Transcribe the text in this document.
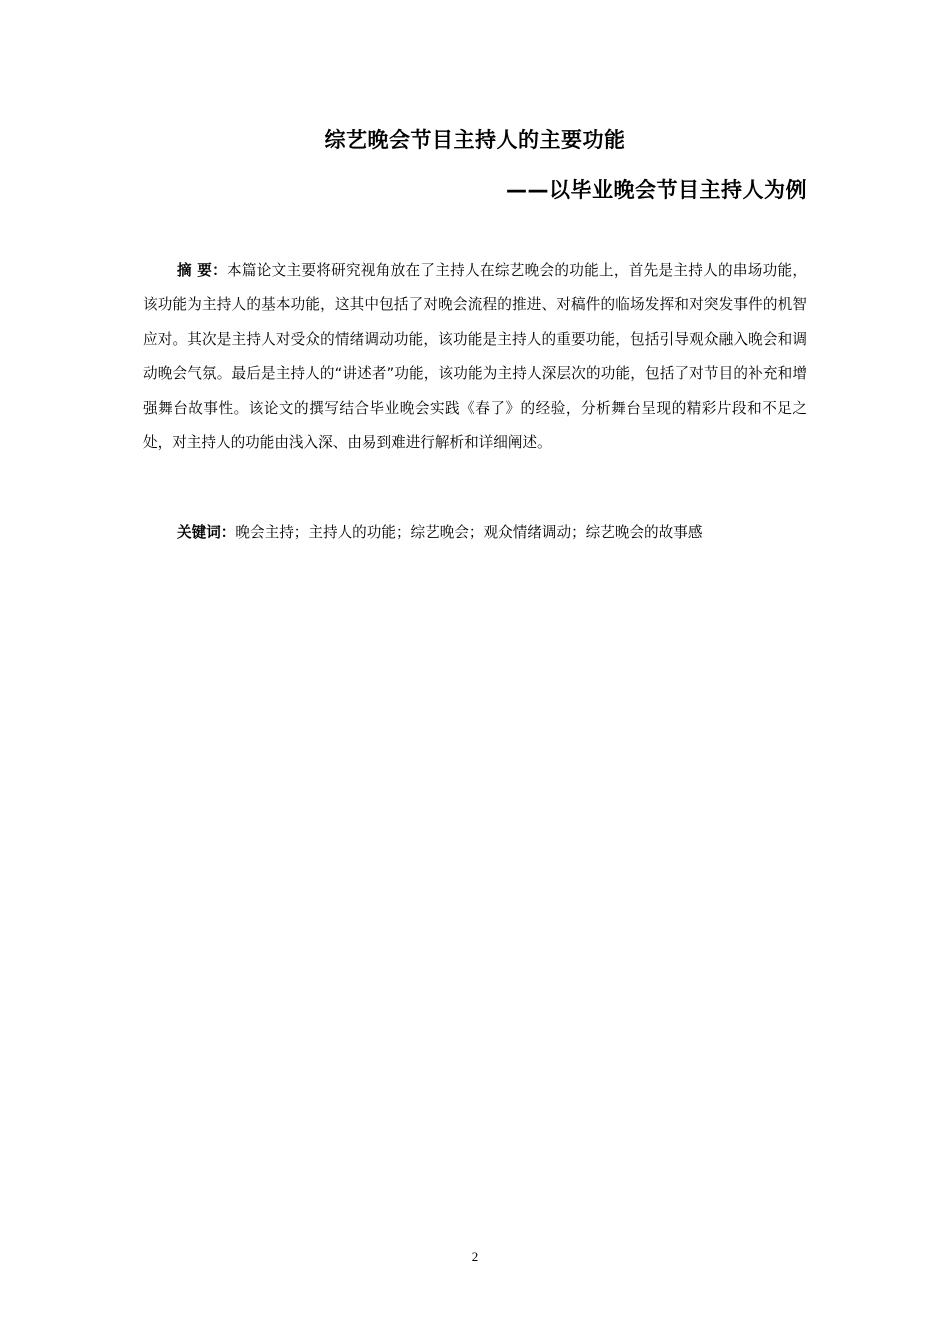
综艺晚会节目主持人的主要功能
——以毕业晚会节目主持人为例

摘 要：本篇论文主要将研究视角放在了主持人在综艺晚会的功能上，首先是主持人的串场功能，该功能为主持人的基本功能，这其中包括了对晚会流程的推进、对稿件的临场发挥和对突发事件的机智应对。其次是主持人对受众的情绪调动功能，该功能是主持人的重要功能，包括引导观众融入晚会和调动晚会气氛。最后是主持人的“讲述者”功能，该功能为主持人深层次的功能，包括了对节目的补充和增强舞台故事性。该论文的撰写结合毕业晚会实践《春了》的经验，分析舞台呈现的精彩片段和不足之处，对主持人的功能由浅入深、由易到难进行解析和详细阐述。

关键词：晚会主持；主持人的功能；综艺晚会；观众情绪调动；综艺晚会的故事感

2
